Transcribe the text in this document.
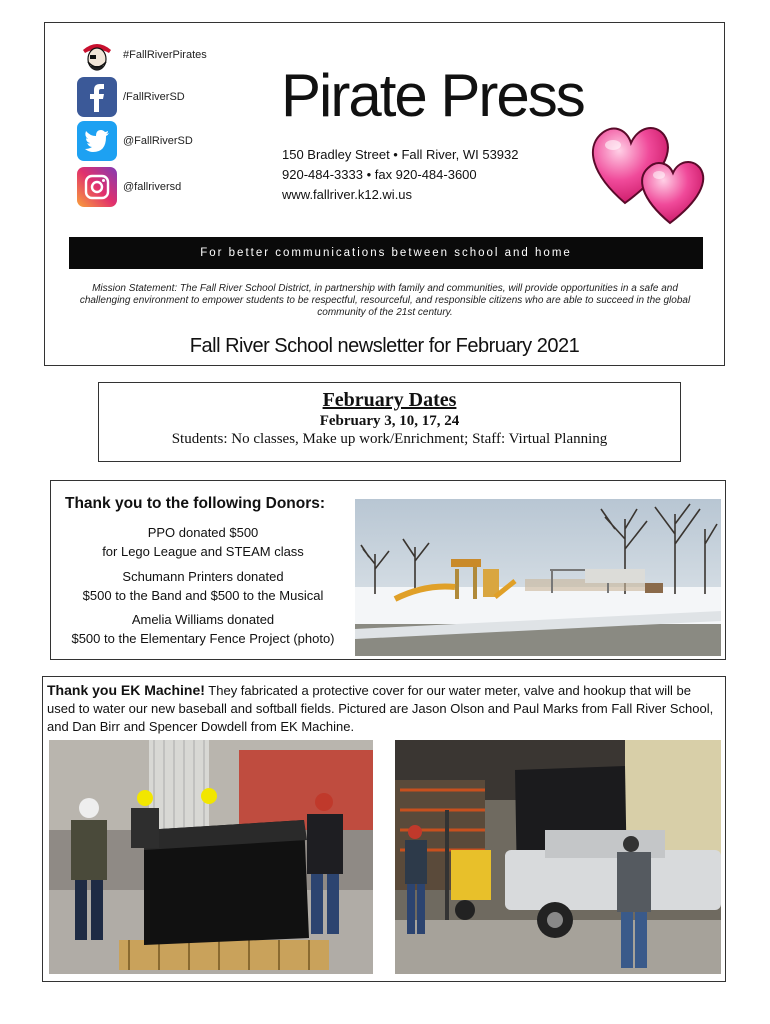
#FallRiverPirates
/FallRiverSD
@FallRiverSD
@fallriversd
Pirate Press
150 Bradley Street • Fall River, WI 53932
920-484-3333 • fax 920-484-3600
www.fallriver.k12.wi.us
For better communications between school and home
Mission Statement: The Fall River School District, in partnership with family and communities, will provide opportunities in a safe and challenging environment to empower students to be respectful, resourceful, and responsible citizens who are able to succeed in the global community of the 21st century.
Fall River School newsletter for February 2021
February Dates
February 3, 10, 17, 24
Students: No classes, Make up work/Enrichment; Staff: Virtual Planning
Thank you to the following Donors:
PPO donated $500
for Lego League and STEAM class
Schumann Printers donated
$500 to the Band and $500 to the Musical
Amelia Williams donated
$500 to the Elementary Fence Project (photo)
Thank you EK Machine! They fabricated a protective cover for our water meter, valve and hookup that will be used to water our new baseball and softball fields. Pictured are Jason Olson and Paul Marks from Fall River School, and Dan Birr and Spencer Dowdell from EK Machine.
